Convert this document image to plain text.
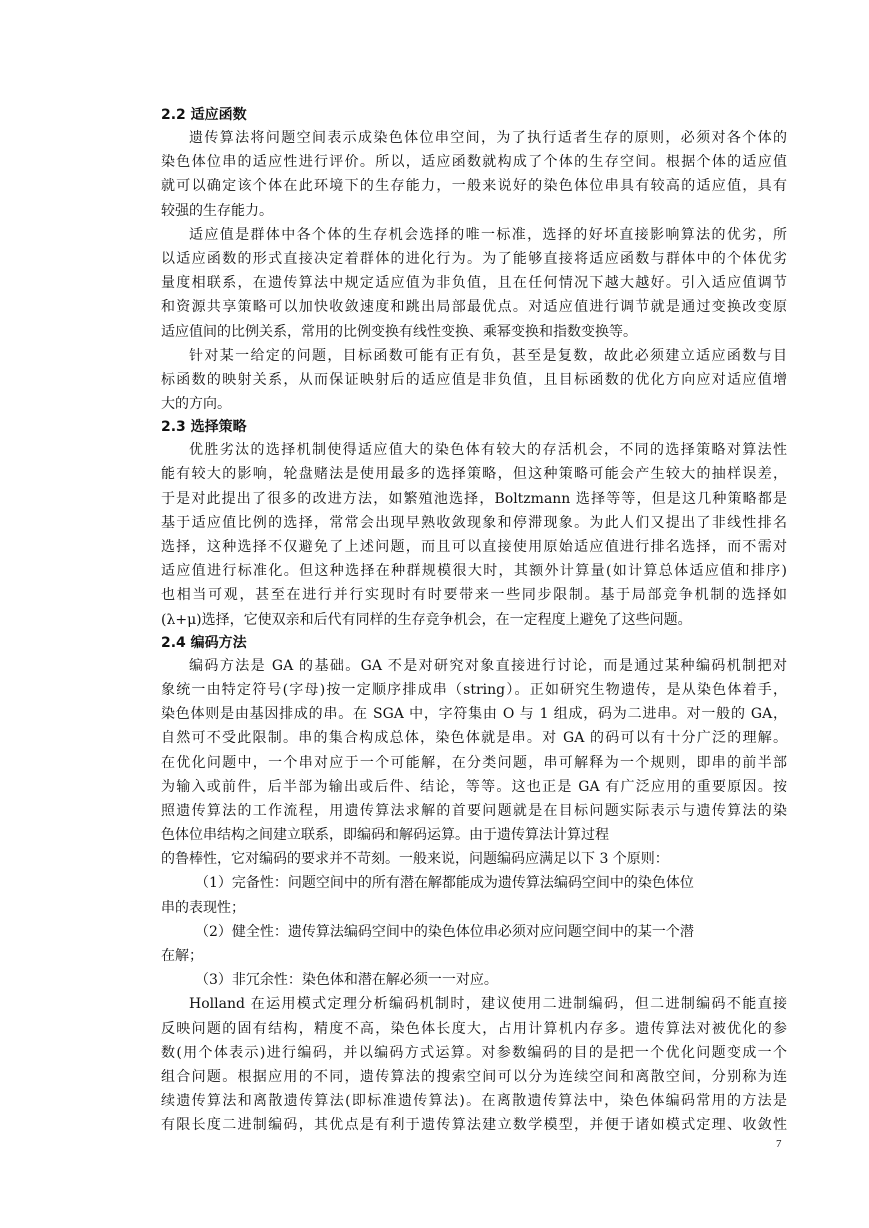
2.2 适应函数
遗传算法将问题空间表示成染色体位串空间，为了执行适者生存的原则，必须对各个体的
染色体位串的适应性进行评价。所以，适应函数就构成了个体的生存空间。根据个体的适应值
就可以确定该个体在此环境下的生存能力，一般来说好的染色体位串具有较高的适应值，具有
较强的生存能力。
适应值是群体中各个体的生存机会选择的唯一标准，选择的好坏直接影响算法的优劣，所
以适应函数的形式直接决定着群体的进化行为。为了能够直接将适应函数与群体中的个体优劣
量度相联系，在遗传算法中规定适应值为非负值，且在任何情况下越大越好。引入适应值调节
和资源共享策略可以加快收敛速度和跳出局部最优点。对适应值进行调节就是通过变换改变原
适应值间的比例关系，常用的比例变换有线性变换、乘幂变换和指数变换等。
针对某一给定的问题，目标函数可能有正有负，甚至是复数，故此必须建立适应函数与目
标函数的映射关系，从而保证映射后的适应值是非负值，且目标函数的优化方向应对适应值增
大的方向。
2.3 选择策略
优胜劣汰的选择机制使得适应值大的染色体有较大的存活机会，不同的选择策略对算法性
能有较大的影响，轮盘赌法是使用最多的选择策略，但这种策略可能会产生较大的抽样误差，
于是对此提出了很多的改进方法，如繁殖池选择，Boltzmann 选择等等，但是这几种策略都是
基于适应值比例的选择，常常会出现早熟收敛现象和停滞现象。为此人们又提出了非线性排名
选择，这种选择不仅避免了上述问题，而且可以直接使用原始适应值进行排名选择，而不需对
适应值进行标准化。但这种选择在种群规模很大时，其额外计算量(如计算总体适应值和排序)
也相当可观，甚至在进行并行实现时有时要带来一些同步限制。基于局部竞争机制的选择如
(λ+μ)选择，它使双亲和后代有同样的生存竞争机会，在一定程度上避免了这些问题。
2.4 编码方法
编码方法是 GA 的基础。GA 不是对研究对象直接进行讨论，而是通过某种编码机制把对
象统一由特定符号(字母)按一定顺序排成串（string）。正如研究生物遗传，是从染色体着手，
染色体则是由基因排成的串。在 SGA 中，字符集由 O 与 1 组成，码为二进串。对一般的 GA，
自然可不受此限制。串的集合构成总体，染色体就是串。对 GA 的码可以有十分广泛的理解。
在优化问题中，一个串对应于一个可能解，在分类问题，串可解释为一个规则，即串的前半部
为输入或前件，后半部为输出或后件、结论，等等。这也正是 GA 有广泛应用的重要原因。按
照遗传算法的工作流程，用遗传算法求解的首要问题就是在目标问题实际表示与遗传算法的染
色体位串结构之间建立联系，即编码和解码运算。由于遗传算法计算过程
的鲁棒性，它对编码的要求并不苛刻。一般来说，问题编码应满足以下 3 个原则：
（1）完备性：问题空间中的所有潜在解都能成为遗传算法编码空间中的染色体位
串的表现性；
（2）健全性：遗传算法编码空间中的染色体位串必须对应问题空间中的某一个潜
在解；
（3）非冗余性：染色体和潜在解必须一一对应。
Holland 在运用模式定理分析编码机制时，建议使用二进制编码，但二进制编码不能直接
反映问题的固有结构，精度不高，染色体长度大，占用计算机内存多。遗传算法对被优化的参
数(用个体表示)进行编码，并以编码方式运算。对参数编码的目的是把一个优化问题变成一个
组合问题。根据应用的不同，遗传算法的搜索空间可以分为连续空间和离散空间，分别称为连
续遗传算法和离散遗传算法(即标准遗传算法)。在离散遗传算法中，染色体编码常用的方法是
有限长度二进制编码，其优点是有利于遗传算法建立数学模型，并便于诸如模式定理、收敛性
7
